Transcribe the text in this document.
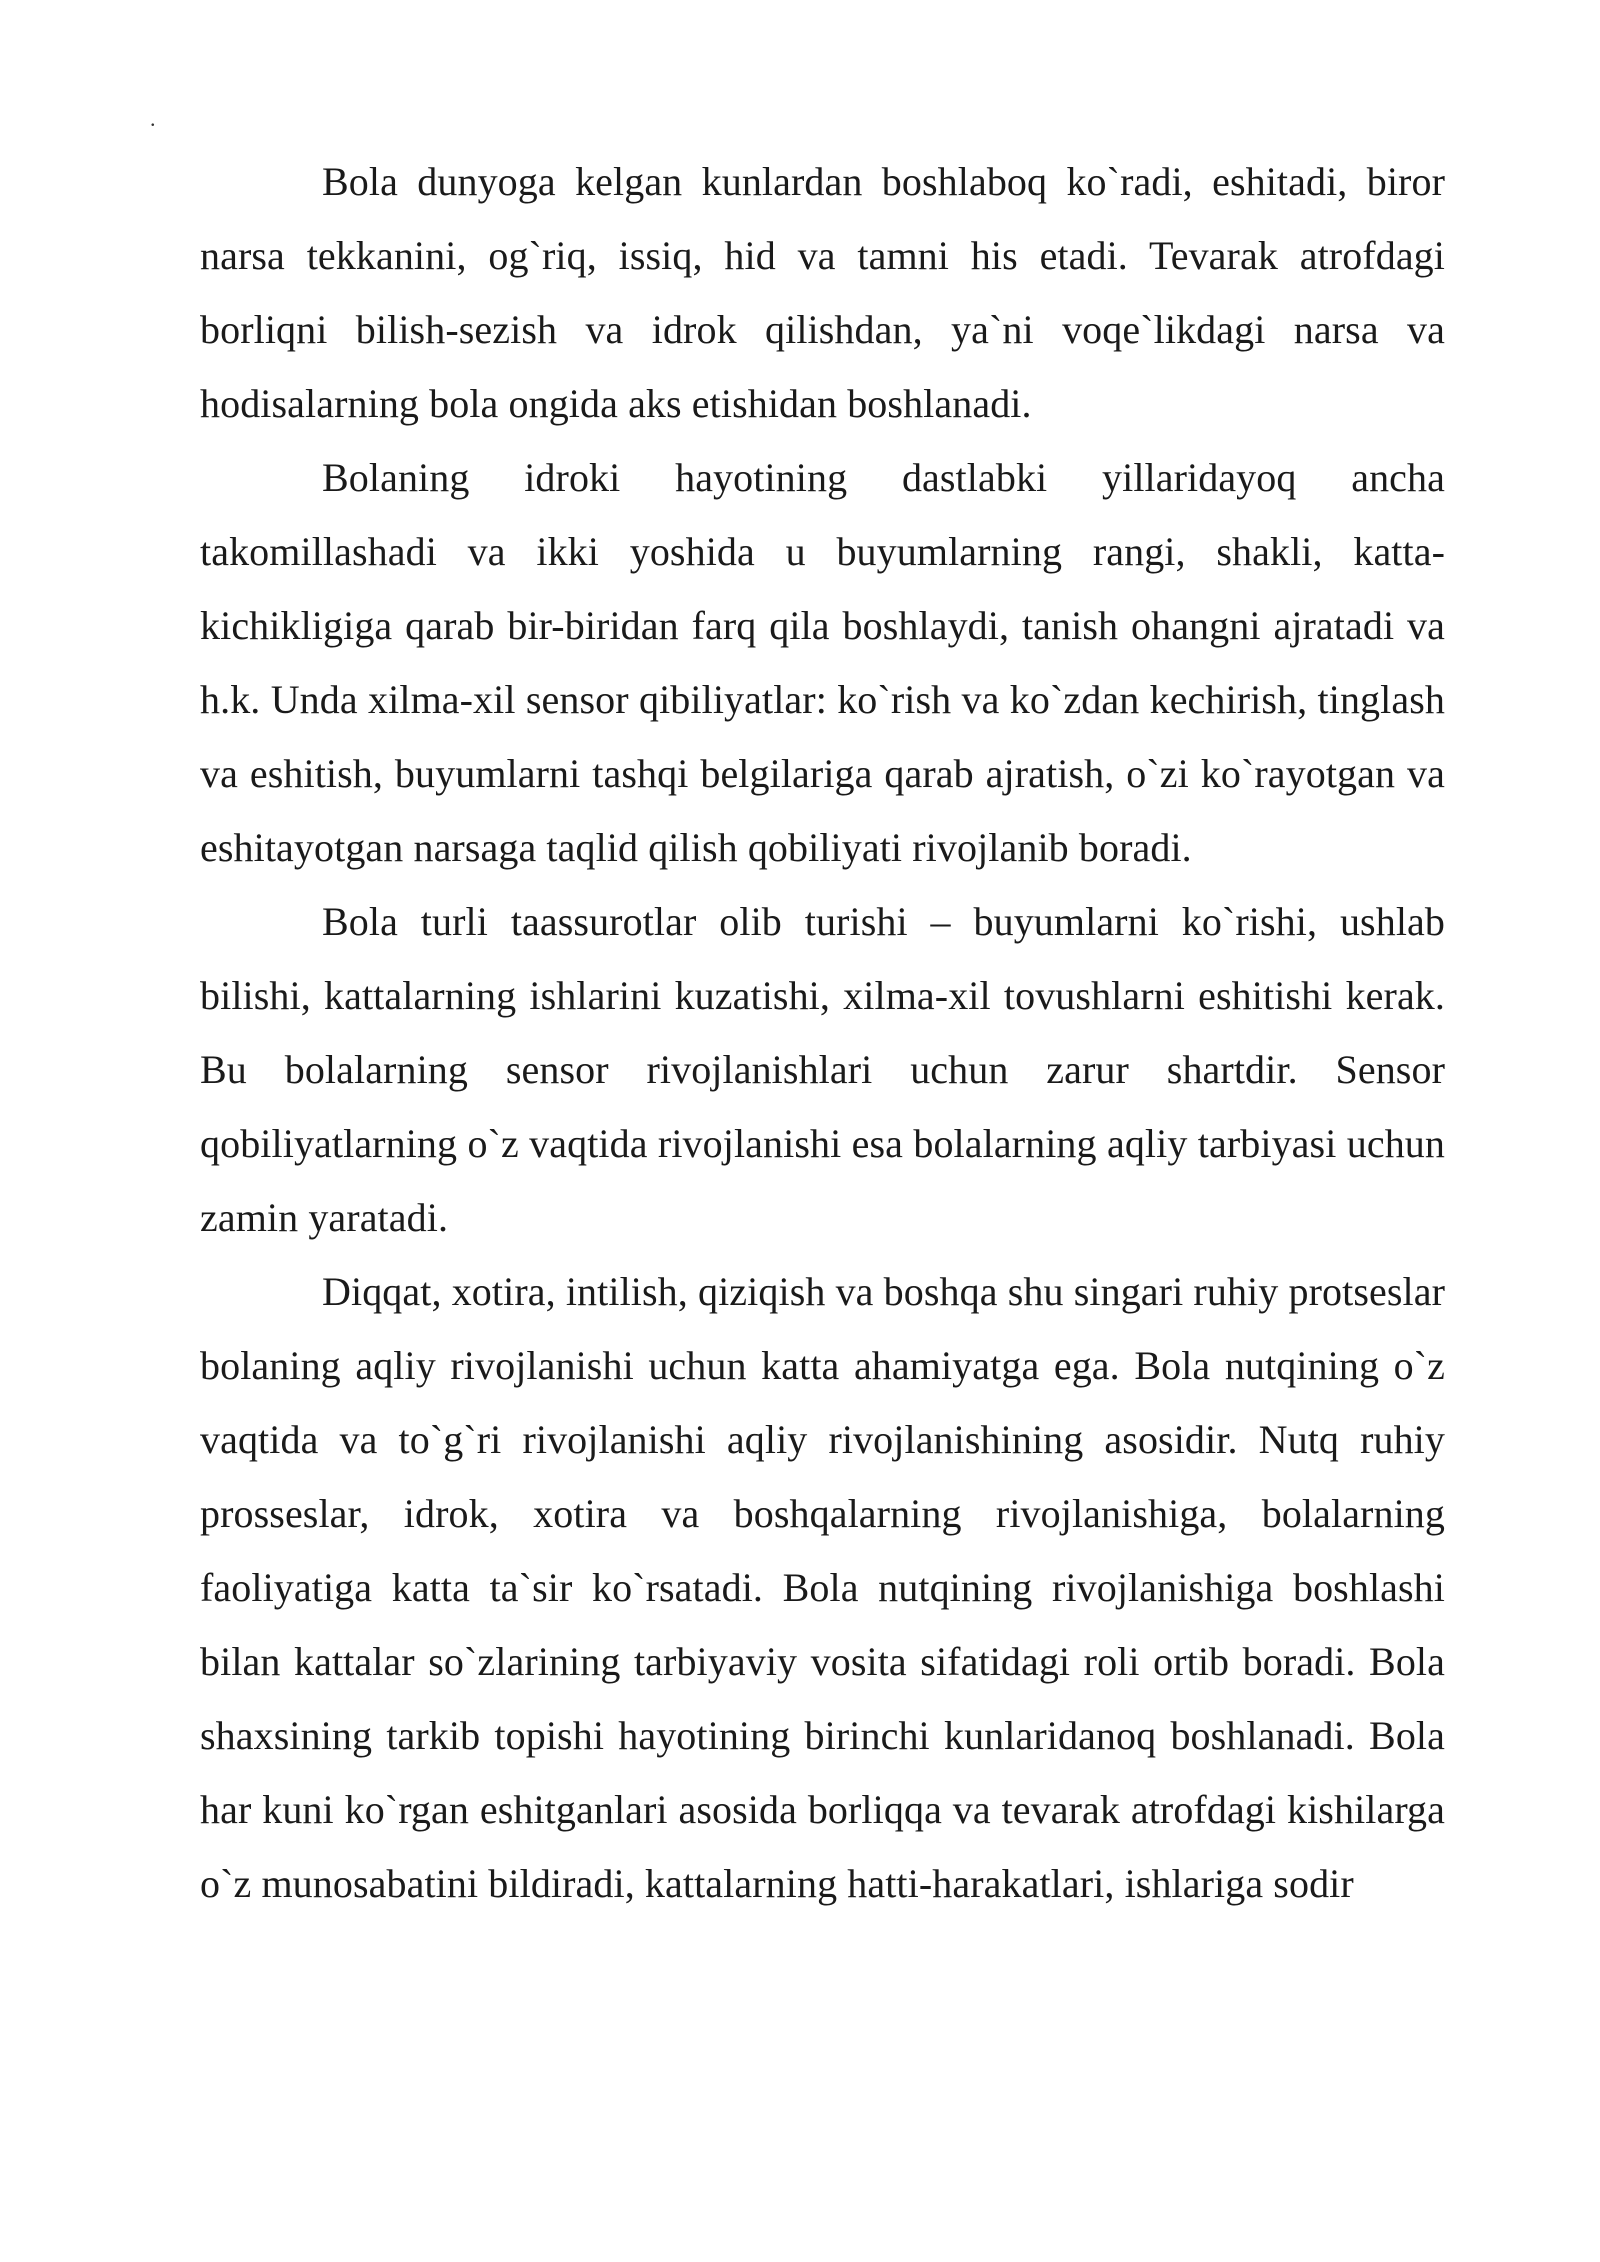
.

Bola dunyoga kelgan kunlardan boshlaboq ko`radi, eshitadi, biror narsa tekkanini, og`riq, issiq, hid va tamni his etadi. Tevarak atrofdagi borliqni bilish-sezish va idrok qilishdan, ya`ni voqe`likdagi narsa va hodisalarning bola ongida aks etishidan boshlanadi.

Bolaning idroki hayotining dastlabki yillaridayoq ancha takomillashadi va ikki yoshida u buyumlarning rangi, shakli, katta-kichikligiga qarab bir-biridan farq qila boshlaydi, tanish ohangni ajratadi va h.k. Unda xilma-xil sensor qibiliyatlar: ko`rish va ko`zdan kechirish, tinglash va eshitish, buyumlarni tashqi belgilariga qarab ajratish, o`zi ko`rayotgan va eshitayotgan narsaga taqlid qilish qobiliyati rivojlanib boradi.

Bola turli taassurotlar olib turishi – buyumlarni ko`rishi, ushlab bilishi, kattalarning ishlarini kuzatishi, xilma-xil tovushlarni eshitishi kerak. Bu bolalarning sensor rivojlanishlari uchun zarur shartdir. Sensor qobiliyatlarning o`z vaqtida rivojlanishi esa bolalarning aqliy tarbiyasi uchun zamin yaratadi.

Diqqat, xotira, intilish, qiziqish va boshqa shu singari ruhiy protseslar bolaning aqliy rivojlanishi uchun katta ahamiyatga ega. Bola nutqining o`z vaqtida va to`g`ri rivojlanishi aqliy rivojlanishining asosidir. Nutq ruhiy prosseslar, idrok, xotira va boshqalarning rivojlanishiga, bolalarning faoliyatiga katta ta`sir ko`rsatadi. Bola nutqining rivojlanishiga boshlashi bilan kattalar so`zlarining tarbiyaviy vosita sifatidagi roli ortib boradi. Bola shaxsining tarkib topishi hayotining birinchi kunlaridanoq boshlanadi. Bola har kuni ko`rgan eshitganlari asosida borliqqa va tevarak atrofdagi kishilarga o`z munosabatini bildiradi, kattalarning hatti-harakatlari, ishlariga sodir
